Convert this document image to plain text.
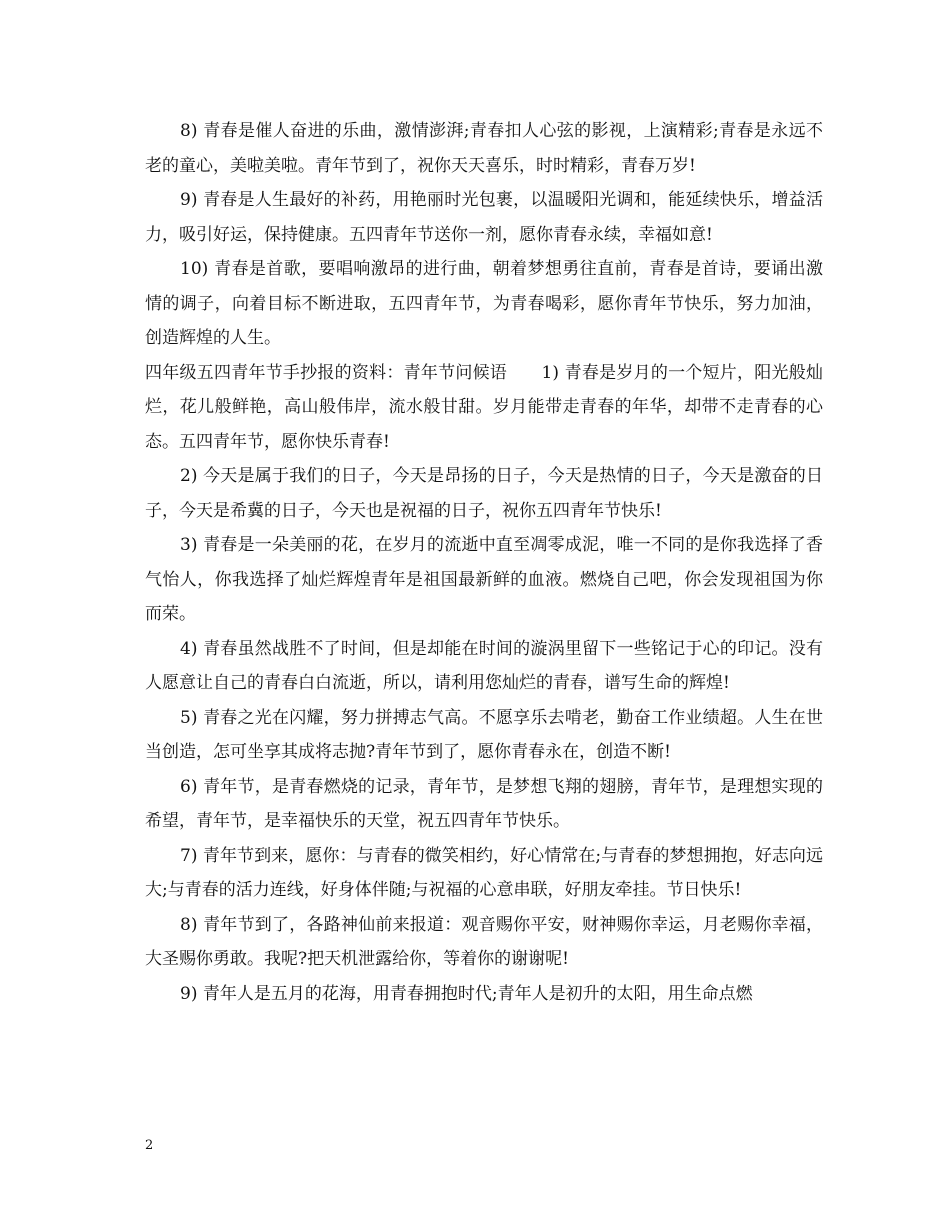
8) 青春是催人奋进的乐曲，激情澎湃;青春扣人心弦的影视，上演精彩;青春是永远不老的童心，美啦美啦。青年节到了，祝你天天喜乐，时时精彩，青春万岁!

9) 青春是人生最好的补药，用艳丽时光包裹，以温暖阳光调和，能延续快乐，增益活力，吸引好运，保持健康。五四青年节送你一剂，愿你青春永续，幸福如意!

10) 青春是首歌，要唱响激昂的进行曲，朝着梦想勇往直前，青春是首诗，要诵出激情的调子，向着目标不断进取，五四青年节，为青春喝彩，愿你青年节快乐，努力加油，创造辉煌的人生。

四年级五四青年节手抄报的资料：青年节问候语　　1) 青春是岁月的一个短片，阳光般灿烂，花儿般鲜艳，高山般伟岸，流水般甘甜。岁月能带走青春的年华，却带不走青春的心态。五四青年节，愿你快乐青春!

2) 今天是属于我们的日子，今天是昂扬的日子，今天是热情的日子，今天是激奋的日子，今天是希冀的日子，今天也是祝福的日子，祝你五四青年节快乐!

3) 青春是一朵美丽的花，在岁月的流逝中直至凋零成泥，唯一不同的是你我选择了香气怡人，你我选择了灿烂辉煌青年是祖国最新鲜的血液。燃烧自己吧，你会发现祖国为你而荣。

4) 青春虽然战胜不了时间，但是却能在时间的漩涡里留下一些铭记于心的印记。没有人愿意让自己的青春白白流逝，所以，请利用您灿烂的青春，谱写生命的辉煌!

5) 青春之光在闪耀，努力拼搏志气高。不愿享乐去啃老，勤奋工作业绩超。人生在世当创造，怎可坐享其成将志抛?青年节到了，愿你青春永在，创造不断!

6) 青年节，是青春燃烧的记录，青年节，是梦想飞翔的翅膀，青年节，是理想实现的希望，青年节，是幸福快乐的天堂，祝五四青年节快乐。

7) 青年节到来，愿你：与青春的微笑相约，好心情常在;与青春的梦想拥抱，好志向远大;与青春的活力连线，好身体伴随;与祝福的心意串联，好朋友牵挂。节日快乐!

8) 青年节到了，各路神仙前来报道：观音赐你平安，财神赐你幸运，月老赐你幸福，大圣赐你勇敢。我呢?把天机泄露给你，等着你的谢谢呢!

9) 青年人是五月的花海，用青春拥抱时代;青年人是初升的太阳，用生命点燃

2
